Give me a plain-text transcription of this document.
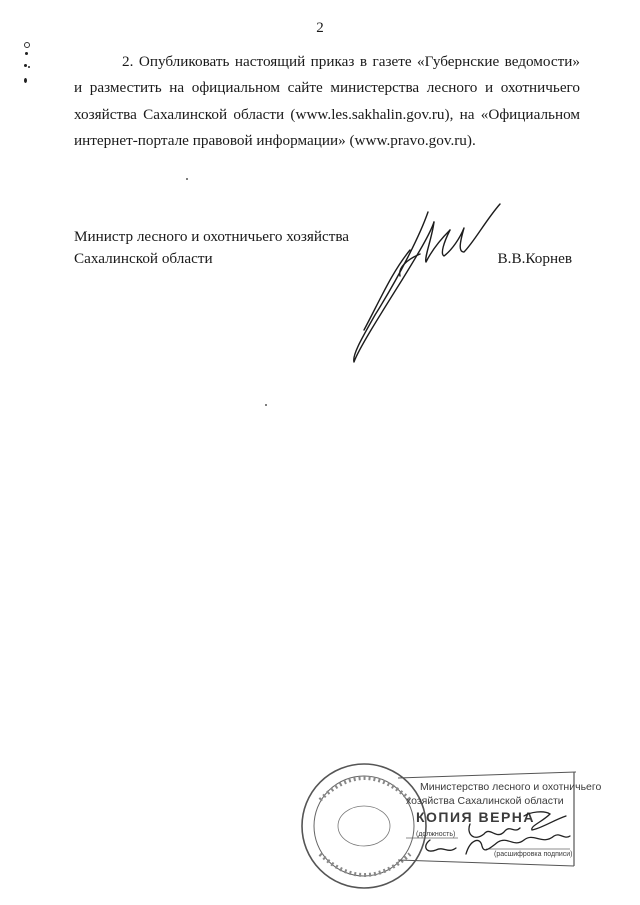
2

2. Опубликовать настоящий приказ в газете «Губернские ведомости» и разместить на официальном сайте министерства лесного и охотничьего хозяйства Сахалинской области (www.les.sakhalin.gov.ru), на «Официальном интернет-портале правовой информации» (www.pravo.gov.ru).

Министр лесного и охотничьего хозяйства
Сахалинской области	В.В.Корнев
Министерство лесного и охотничьего
хозяйства Сахалинской области
КОПИЯ ВЕРНА
(должность)
(расшифровка подписи)
